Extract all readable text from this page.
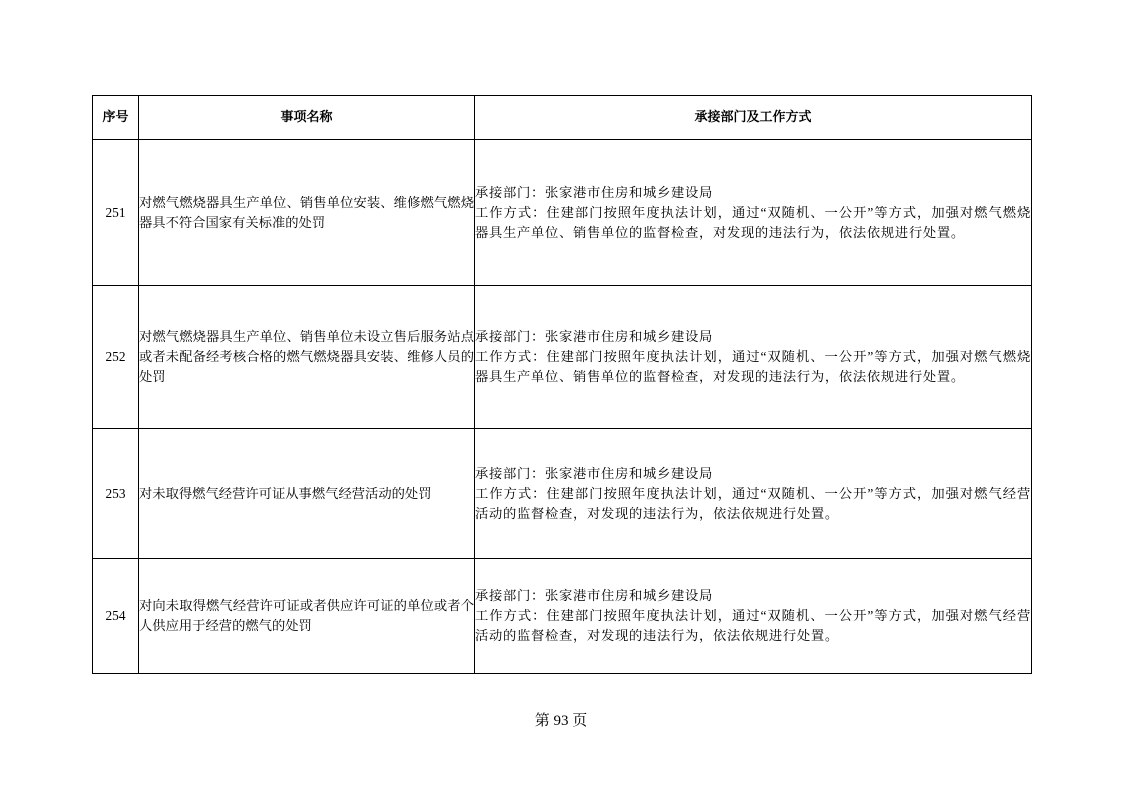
序号	事项名称	承接部门及工作方式
251	对燃气燃烧器具生产单位、销售单位安装、维修燃气燃烧器具不符合国家有关标准的处罚	承接部门：张家港市住房和城乡建设局
工作方式：住建部门按照年度执法计划，通过“双随机、一公开”等方式，加强对燃气燃烧器具生产单位、销售单位的监督检查，对发现的违法行为，依法依规进行处置。

252	对燃气燃烧器具生产单位、销售单位未设立售后服务站点或者未配备经考核合格的燃气燃烧器具安装、维修人员的处罚	承接部门：张家港市住房和城乡建设局
工作方式：住建部门按照年度执法计划，通过“双随机、一公开”等方式，加强对燃气燃烧器具生产单位、销售单位的监督检查，对发现的违法行为，依法依规进行处置。

253	对未取得燃气经营许可证从事燃气经营活动的处罚	承接部门：张家港市住房和城乡建设局
工作方式：住建部门按照年度执法计划，通过“双随机、一公开”等方式，加强对燃气经营活动的监督检查，对发现的违法行为，依法依规进行处置。

254	对向未取得燃气经营许可证或者供应许可证的单位或者个人供应用于经营的燃气的处罚	承接部门：张家港市住房和城乡建设局
工作方式：住建部门按照年度执法计划，通过“双随机、一公开”等方式，加强对燃气经营活动的监督检查，对发现的违法行为，依法依规进行处置。
第 93 页
